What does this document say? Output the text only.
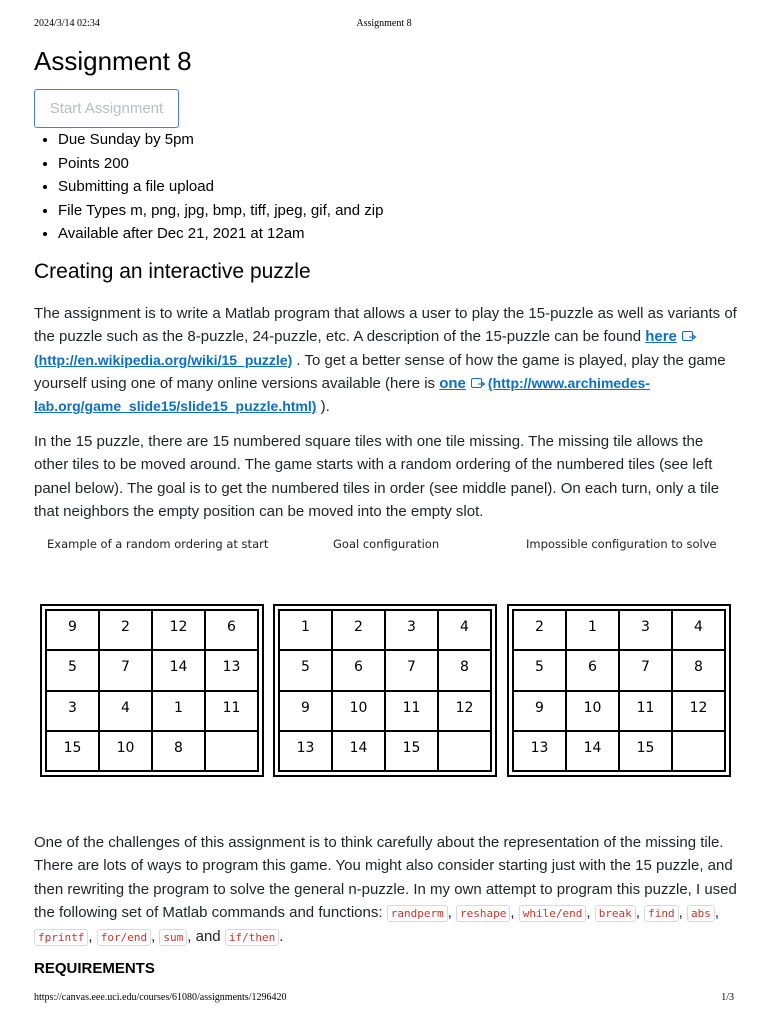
2024/3/14 02:34	Assignment 8
Assignment 8
Start Assignment
• Due Sunday by 5pm
• Points 200
• Submitting a file upload
• File Types m, png, jpg, bmp, tiff, jpeg, gif, and zip
• Available after Dec 21, 2021 at 12am
Creating an interactive puzzle

The assignment is to write a Matlab program that allows a user to play the 15-puzzle as well as variants of the puzzle such as the 8-puzzle, 24-puzzle, etc. A description of the 15-puzzle can be found here(http://en.wikipedia.org/wiki/15_puzzle) . To get a better sense of how the game is played, play the game yourself using one of many online versions available (here is one (http://www.archimedes-lab.org/game_slide15/slide15_puzzle.html) ).

In the 15 puzzle, there are 15 numbered square tiles with one tile missing. The missing tile allows the other tiles to be moved around. The game starts with a random ordering of the numbered tiles (see left panel below). The goal is to get the numbered tiles in order (see middle panel). On each turn, only a tile that neighbors the empty position can be moved into the empty slot.

Example of a random ordering at start	Goal configuration	Impossible configuration to solve
9	2	12	6
5	7	14	13
3	4	1	11
15	10	8	
1	2	3	4
5	6	7	8
9	10	11	12
13	14	15	
2	1	3	4
5	6	7	8
9	10	11	12
13	14	15	

One of the challenges of this assignment is to think carefully about the representation of the missing tile. There are lots of ways to program this game. You might also consider starting just with the 15 puzzle, and then rewriting the program to solve the general n-puzzle. In my own attempt to program this puzzle, I used the following set of Matlab commands and functions: randperm , reshape , while/end , break , find , abs , fprintf , for/end , sum , and if/then .

REQUIREMENTS
https://canvas.eee.uci.edu/courses/61080/assignments/1296420	1/3
